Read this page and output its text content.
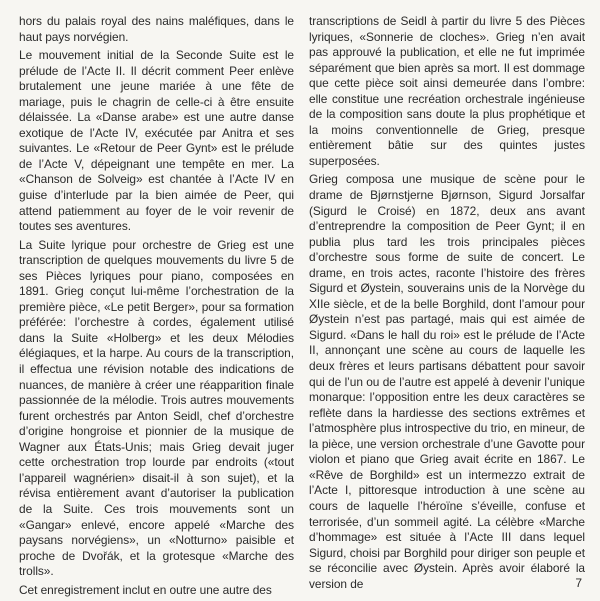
hors du palais royal des nains maléfiques, dans le haut pays norvégien.

Le mouvement initial de la Seconde Suite est le prélude de l’Acte II. Il décrit comment Peer enlève brutalement une jeune mariée à une fête de mariage, puis le chagrin de celle-ci à être ensuite délaissée. La «Danse arabe» est une autre danse exotique de l’Acte IV, exécutée par Anitra et ses suivantes. Le «Retour de Peer Gynt» est le prélude de l’Acte V, dépeignant une tempête en mer. La «Chanson de Solveig» est chantée à l’Acte IV en guise d’interlude par la bien aimée de Peer, qui attend patiemment au foyer de le voir revenir de toutes ses aventures.

La Suite lyrique pour orchestre de Grieg est une transcription de quelques mouvements du livre 5 de ses Pièces lyriques pour piano, composées en 1891. Grieg conçut lui-même l’orchestration de la première pièce, «Le petit Berger», pour sa formation préférée: l’orchestre à cordes, également utilisé dans la Suite «Holberg» et les deux Mélodies élégiaques, et la harpe. Au cours de la transcription, il effectua une révision notable des indications de nuances, de manière à créer une réapparition finale passionnée de la mélodie. Trois autres mouvements furent orchestrés par Anton Seidl, chef d’orchestre d’origine hongroise et pionnier de la musique de Wagner aux États-Unis; mais Grieg devait juger cette orchestration trop lourde par endroits («tout l’appareil wagnérien» disait-il à son sujet), et la révisa entièrement avant d’autoriser la publication de la Suite. Ces trois mouvements sont un «Gangar» enlevé, encore appelé «Marche des paysans norvégiens», un «Notturno» paisible et proche de Dvořák, et la grotesque «Marche des trolls».

Cet enregistrement inclut en outre une autre des

transcriptions de Seidl à partir du livre 5 des Pièces lyriques, «Sonnerie de cloches». Grieg n’en avait pas approuvé la publication, et elle ne fut imprimée séparément que bien après sa mort. Il est dommage que cette pièce soit ainsi demeurée dans l’ombre: elle constitue une recréation orchestrale ingénieuse de la composition sans doute la plus prophétique et la moins conventionnelle de Grieg, presque entièrement bâtie sur des quintes justes superposées.

Grieg composa une musique de scène pour le drame de Bjørnstjerne Bjørnson, Sigurd Jorsalfar (Sigurd le Croisé) en 1872, deux ans avant d’entreprendre la composition de Peer Gynt; il en publia plus tard les trois principales pièces d’orchestre sous forme de suite de concert. Le drame, en trois actes, raconte l’histoire des frères Sigurd et Øystein, souverains unis de la Norvège du XIIe siècle, et de la belle Borghild, dont l’amour pour Øystein n’est pas partagé, mais qui est aimée de Sigurd. «Dans le hall du roi» est le prélude de l’Acte II, annonçant une scène au cours de laquelle les deux frères et leurs partisans débattent pour savoir qui de l’un ou de l’autre est appelé à devenir l’unique monarque: l’opposition entre les deux caractères se reflète dans la hardiesse des sections extrêmes et l’atmosphère plus introspective du trio, en mineur, de la pièce, une version orchestrale d’une Gavotte pour violon et piano que Grieg avait écrite en 1867. Le «Rêve de Borghild» est un intermezzo extrait de l’Acte I, pittoresque introduction à une scène au cours de laquelle l’héroïne s’éveille, confuse et terrorisée, d’un sommeil agité. La célèbre «Marche d’hommage» est située à l’Acte III dans lequel Sigurd, choisi par Borghild pour diriger son peuple et se réconcilie avec Øystein. Après avoir élaboré la version de	7
